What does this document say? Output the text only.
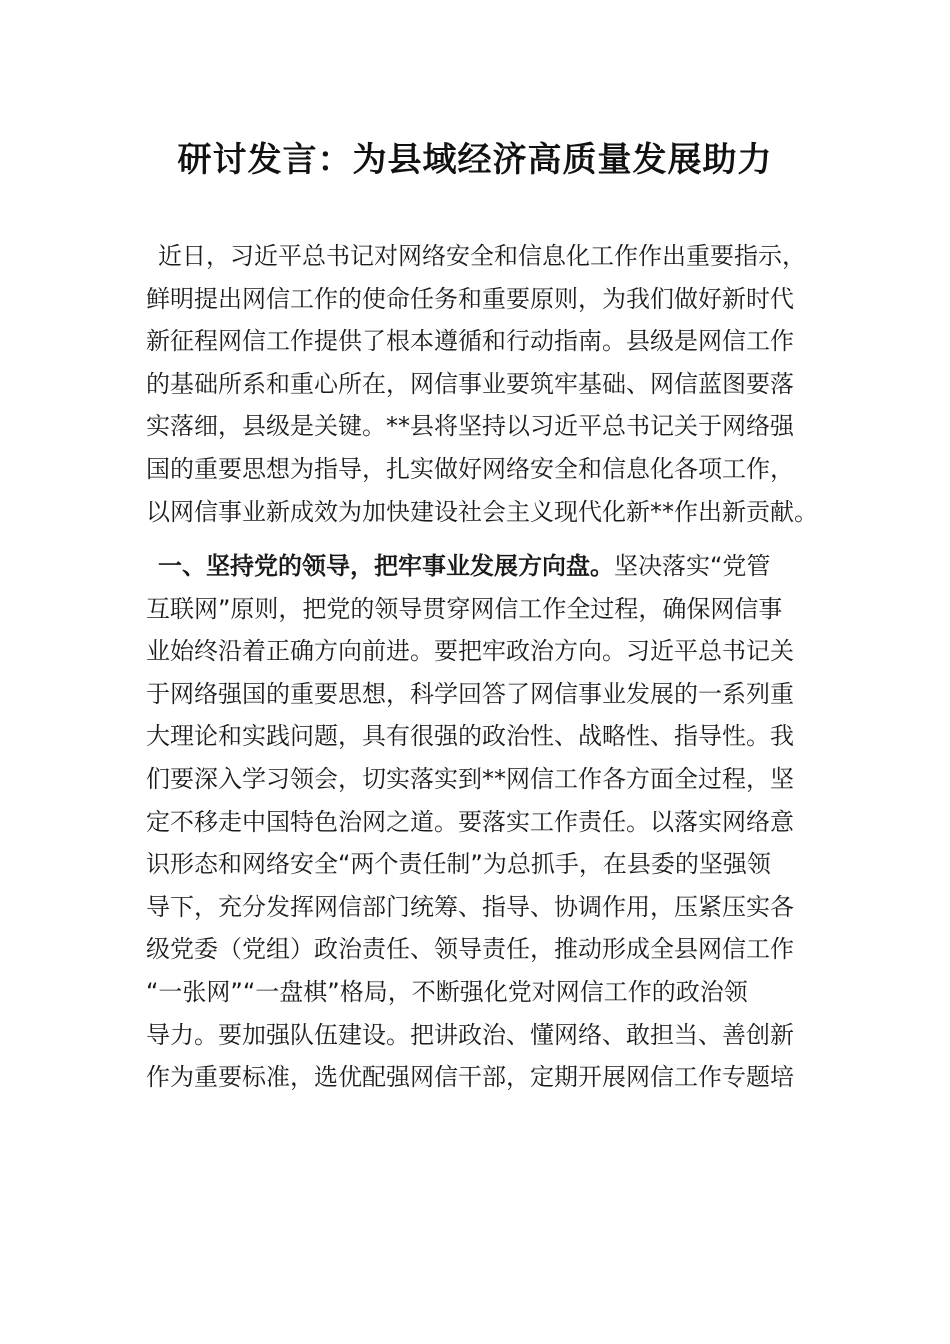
研讨发言：为县域经济高质量发展助力
近日，习近平总书记对网络安全和信息化工作作出重要指示，
鲜明提出网信工作的使命任务和重要原则，为我们做好新时代
新征程网信工作提供了根本遵循和行动指南。县级是网信工作
的基础所系和重心所在，网信事业要筑牢基础、网信蓝图要落
实落细，县级是关键。**县将坚持以习近平总书记关于网络强
国的重要思想为指导，扎实做好网络安全和信息化各项工作，
以网信事业新成效为加快建设社会主义现代化新**作出新贡献。
一、坚持党的领导，把牢事业发展方向盘。坚决落实“党管
互联网”原则，把党的领导贯穿网信工作全过程，确保网信事
业始终沿着正确方向前进。要把牢政治方向。习近平总书记关
于网络强国的重要思想，科学回答了网信事业发展的一系列重
大理论和实践问题，具有很强的政治性、战略性、指导性。我
们要深入学习领会，切实落实到**网信工作各方面全过程，坚
定不移走中国特色治网之道。要落实工作责任。以落实网络意
识形态和网络安全“两个责任制”为总抓手，在县委的坚强领
导下，充分发挥网信部门统筹、指导、协调作用，压紧压实各
级党委（党组）政治责任、领导责任，推动形成全县网信工作
“一张网”“一盘棋”格局，不断强化党对网信工作的政治领
导力。要加强队伍建设。把讲政治、懂网络、敢担当、善创新
作为重要标准，选优配强网信干部，定期开展网信工作专题培
